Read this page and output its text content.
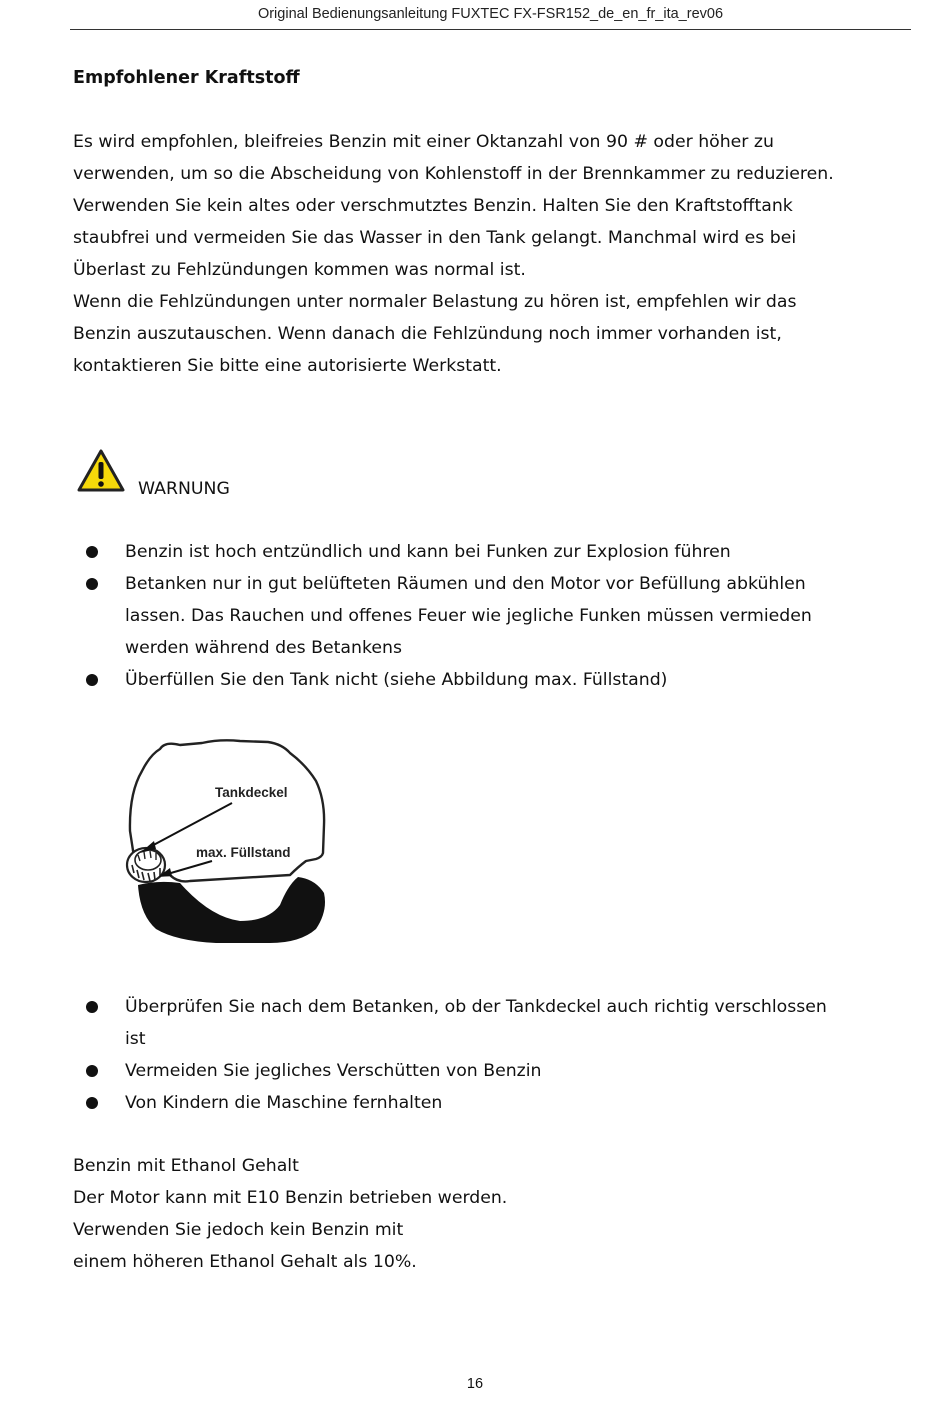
Original Bedienungsanleitung FUXTEC FX-FSR152_de_en_fr_ita_rev06
Empfohlener Kraftstoff
Es wird empfohlen, bleifreies Benzin mit einer Oktanzahl von 90 # oder höher zu
verwenden, um so die Abscheidung von Kohlenstoff in der Brennkammer zu reduzieren.
Verwenden Sie kein altes oder verschmutztes Benzin. Halten Sie den Kraftstofftank
staubfrei und vermeiden Sie das Wasser in den Tank gelangt. Manchmal wird es bei
Überlast zu Fehlzündungen kommen was normal ist.
Wenn die Fehlzündungen unter normaler Belastung zu hören ist, empfehlen wir das
Benzin auszutauschen. Wenn danach die Fehlzündung noch immer vorhanden ist,
kontaktieren Sie bitte eine autorisierte Werkstatt.
WARNUNG
Benzin ist hoch entzündlich und kann bei Funken zur Explosion führen
Betanken nur in gut belüfteten Räumen und den Motor vor Befüllung abkühlen
lassen. Das Rauchen und offenes Feuer wie jegliche Funken müssen vermieden
werden während des Betankens
Überfüllen Sie den Tank nicht (siehe Abbildung max. Füllstand)
Tankdeckel
max. Füllstand
Überprüfen Sie nach dem Betanken, ob der Tankdeckel auch richtig verschlossen
ist
Vermeiden Sie jegliches Verschütten von Benzin
Von Kindern die Maschine fernhalten
Benzin mit Ethanol Gehalt
Der Motor kann mit E10 Benzin betrieben werden.
Verwenden Sie jedoch kein Benzin mit
einem höheren Ethanol Gehalt als 10%.
16
